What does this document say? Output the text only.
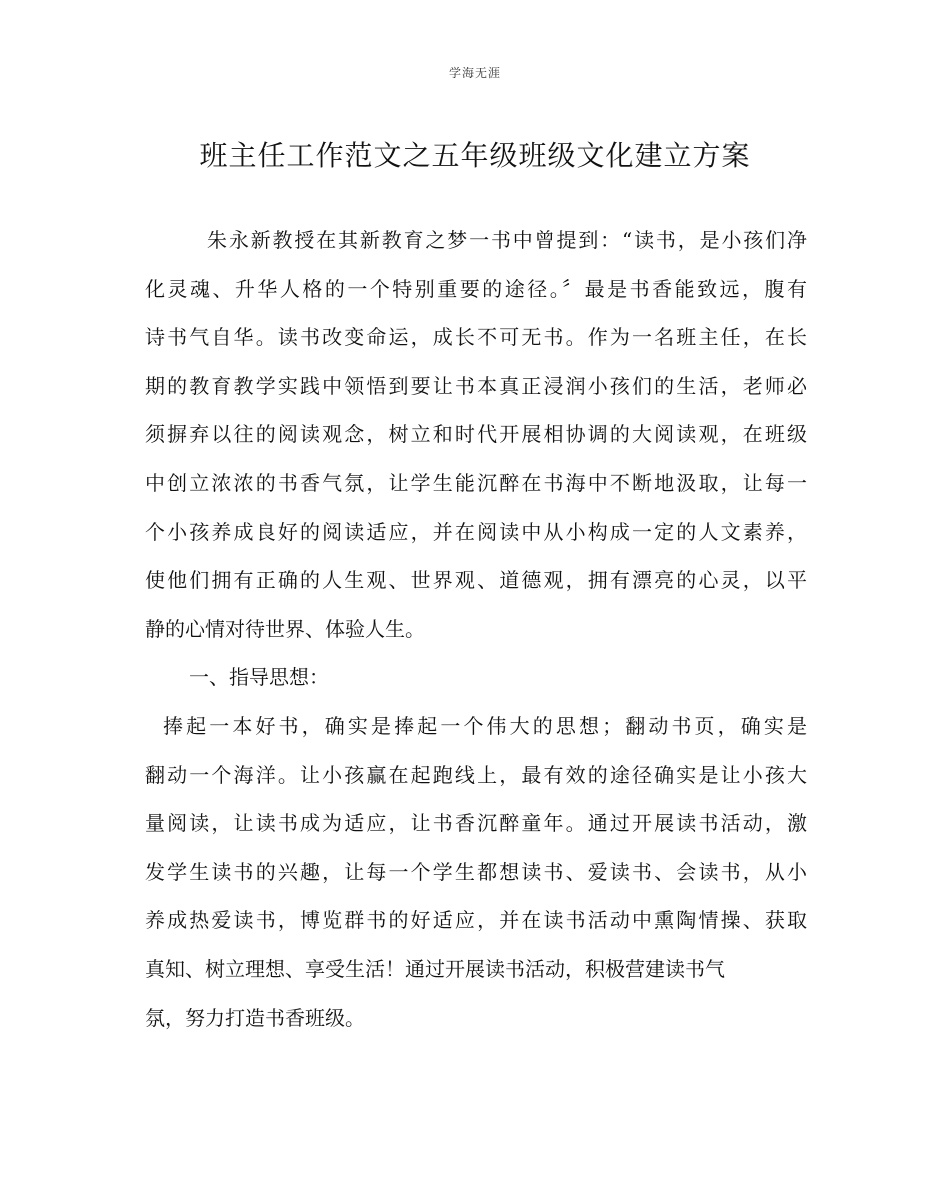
学海无涯
班主任工作范文之五年级班级文化建立方案
朱永新教授在其新教育之梦一书中曾提到：“读书，是小孩们净
化灵魂、升华人格的一个特别重要的途径。〞最是书香能致远，腹有
诗书气自华。读书改变命运，成长不可无书。作为一名班主任，在长
期的教育教学实践中领悟到要让书本真正浸润小孩们的生活，老师必
须摒弃以往的阅读观念，树立和时代开展相协调的大阅读观，在班级
中创立浓浓的书香气氛，让学生能沉醉在书海中不断地汲取，让每一
个小孩养成良好的阅读适应，并在阅读中从小构成一定的人文素养，
使他们拥有正确的人生观、世界观、道德观，拥有漂亮的心灵，以平
静的心情对待世界、体验人生。
一、指导思想：
捧起一本好书，确实是捧起一个伟大的思想；翻动书页，确实是
翻动一个海洋。让小孩赢在起跑线上，最有效的途径确实是让小孩大
量阅读，让读书成为适应，让书香沉醉童年。通过开展读书活动，激
发学生读书的兴趣，让每一个学生都想读书、爱读书、会读书，从小
养成热爱读书，博览群书的好适应，并在读书活动中熏陶情操、获取
真知、树立理想、享受生活！通过开展读书活动，积极营建读书气
氛，努力打造书香班级。
